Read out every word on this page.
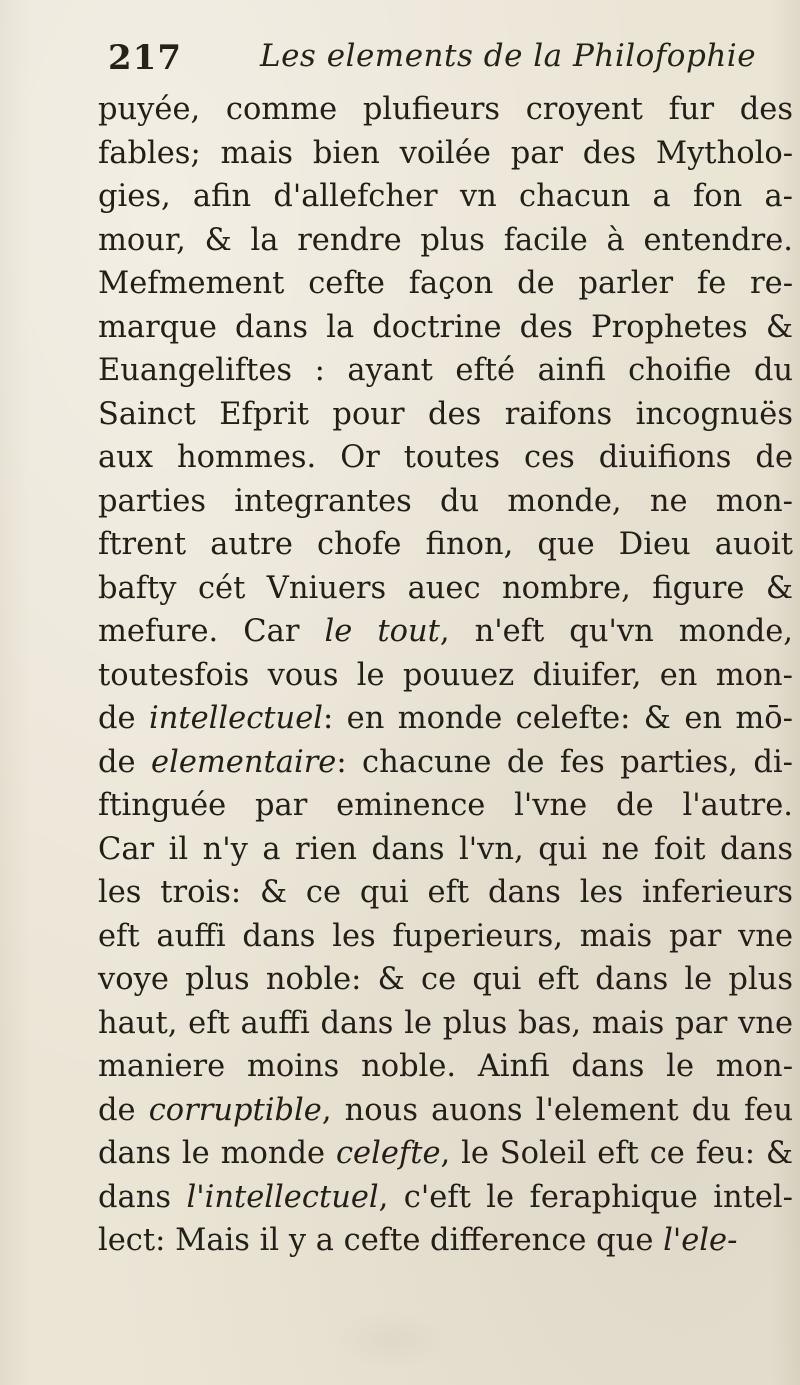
217	Les elements de la Philofophie
puyée, comme plufieurs croyent fur des
fables; mais bien voilée par des Mytholo-
gies, afin d'allefcher vn chacun a fon a-
mour, & la rendre plus facile à entendre.
Mefmement cefte façon de parler fe re-
marque dans la doctrine des Prophetes &
Euangeliftes : ayant efté ainfi choifie du
Sainct Efprit pour des raifons incognuës
aux hommes. Or toutes ces diuifions de
parties integrantes du monde, ne mon-
ftrent autre chofe finon, que Dieu auoit
bafty cét Vniuers auec nombre, figure &
mefure. Car le tout, n'eft qu'vn monde,
toutesfois vous le pouuez diuifer, en mon-
de intellectuel: en monde celefte: & en mō-
de elementaire: chacune de fes parties, di-
ftinguée par eminence l'vne de l'autre.
Car il n'y a rien dans l'vn, qui ne foit dans
les trois: & ce qui eft dans les inferieurs
eft auffi dans les fuperieurs, mais par vne
voye plus noble: & ce qui eft dans le plus
haut, eft auffi dans le plus bas, mais par vne
maniere moins noble. Ainfi dans le mon-
de corruptible, nous auons l'element du feu
dans le monde celefte, le Soleil eft ce feu: &
dans l'intellectuel, c'eft le feraphique intel-
lect: Mais il y a cefte difference que l'ele-
